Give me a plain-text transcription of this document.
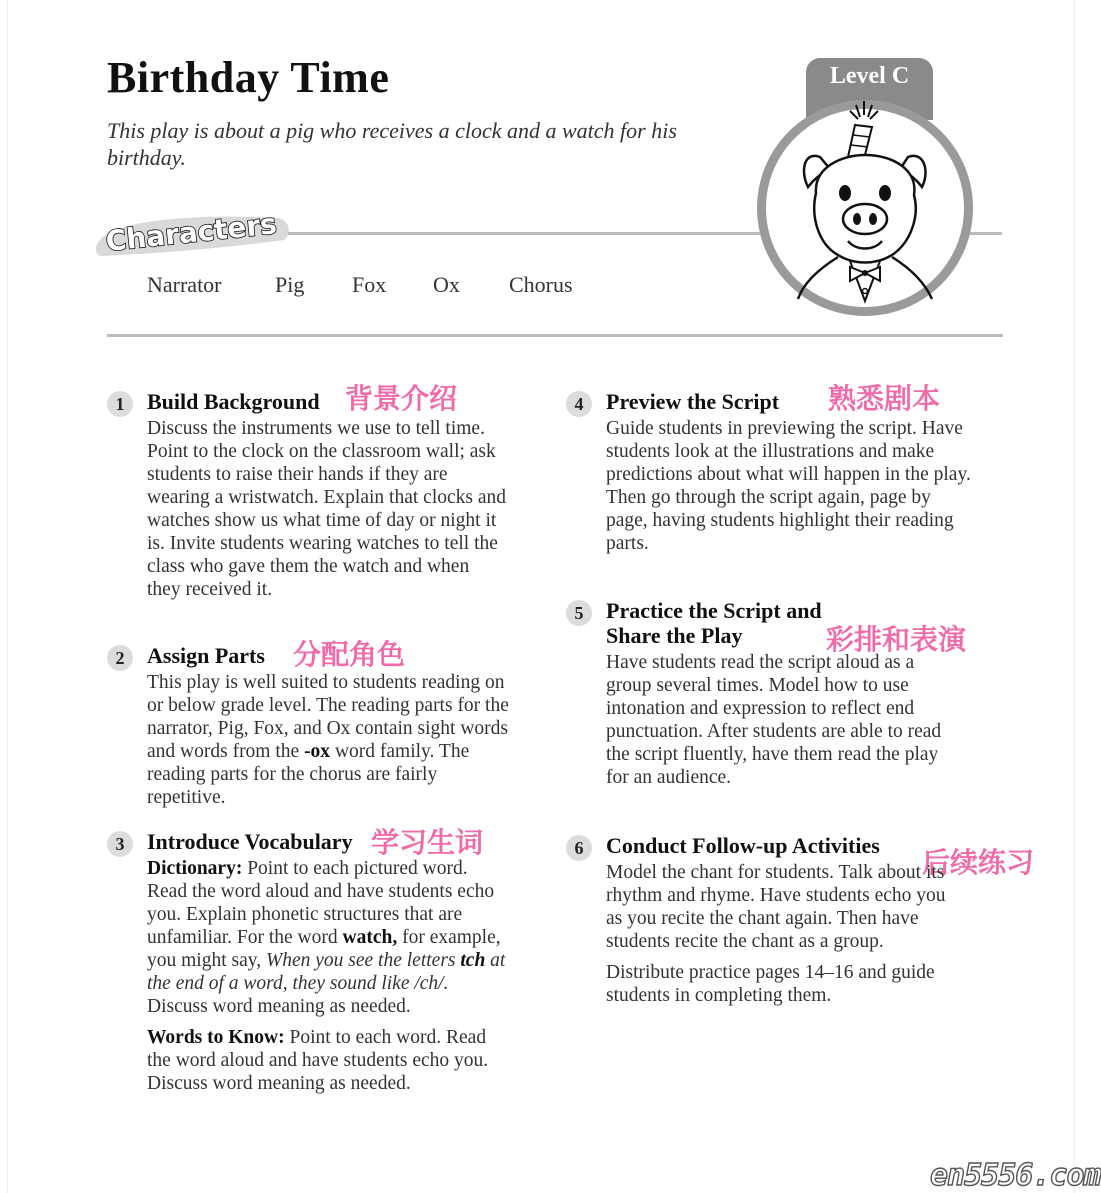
Birthday Time
This play is about a pig who receives a clock and a watch for his birthday.
Level C
Characters
Narrator Pig Fox Ox Chorus
1	Build Background 背景介绍
Discuss the instruments we use to tell time. Point to the clock on the classroom wall; ask students to raise their hands if they are wearing a wristwatch. Explain that clocks and watches show us what time of day or night it is. Invite students wearing watches to tell the class who gave them the watch and when they received it.
2	Assign Parts 分配角色
This play is well suited to students reading on or below grade level. The reading parts for the narrator, Pig, Fox, and Ox contain sight words and words from the -ox word family. The reading parts for the chorus are fairly repetitive.
3	Introduce Vocabulary 学习生词

Dictionary: Point to each pictured word. Read the word aloud and have students echo you. Explain phonetic structures that are unfamiliar. For the word watch, for example, you might say, When you see the letters tch at the end of a word, they sound like /ch/. Discuss word meaning as needed.

Words to Know: Point to each word. Read the word aloud and have students echo you. Discuss word meaning as needed.

4	Preview the Script 熟悉剧本
Guide students in previewing the script. Have students look at the illustrations and make predictions about what will happen in the play. Then go through the script again, page by page, having students highlight their reading parts.
5	Practice the Script and
Share the Play	彩排和表演
Have students read the script aloud as a group several times. Model how to use intonation and expression to reflect end punctuation. After students are able to read the script fluently, have them read the play for an audience.
6	Conduct Follow-up Activities
后续练习

Model the chant for students. Talk about its rhythm and rhyme. Have students echo you as you recite the chant again. Then have students recite the chant as a group.

Distribute practice pages 14–16 and guide students in completing them.

en5556.com
